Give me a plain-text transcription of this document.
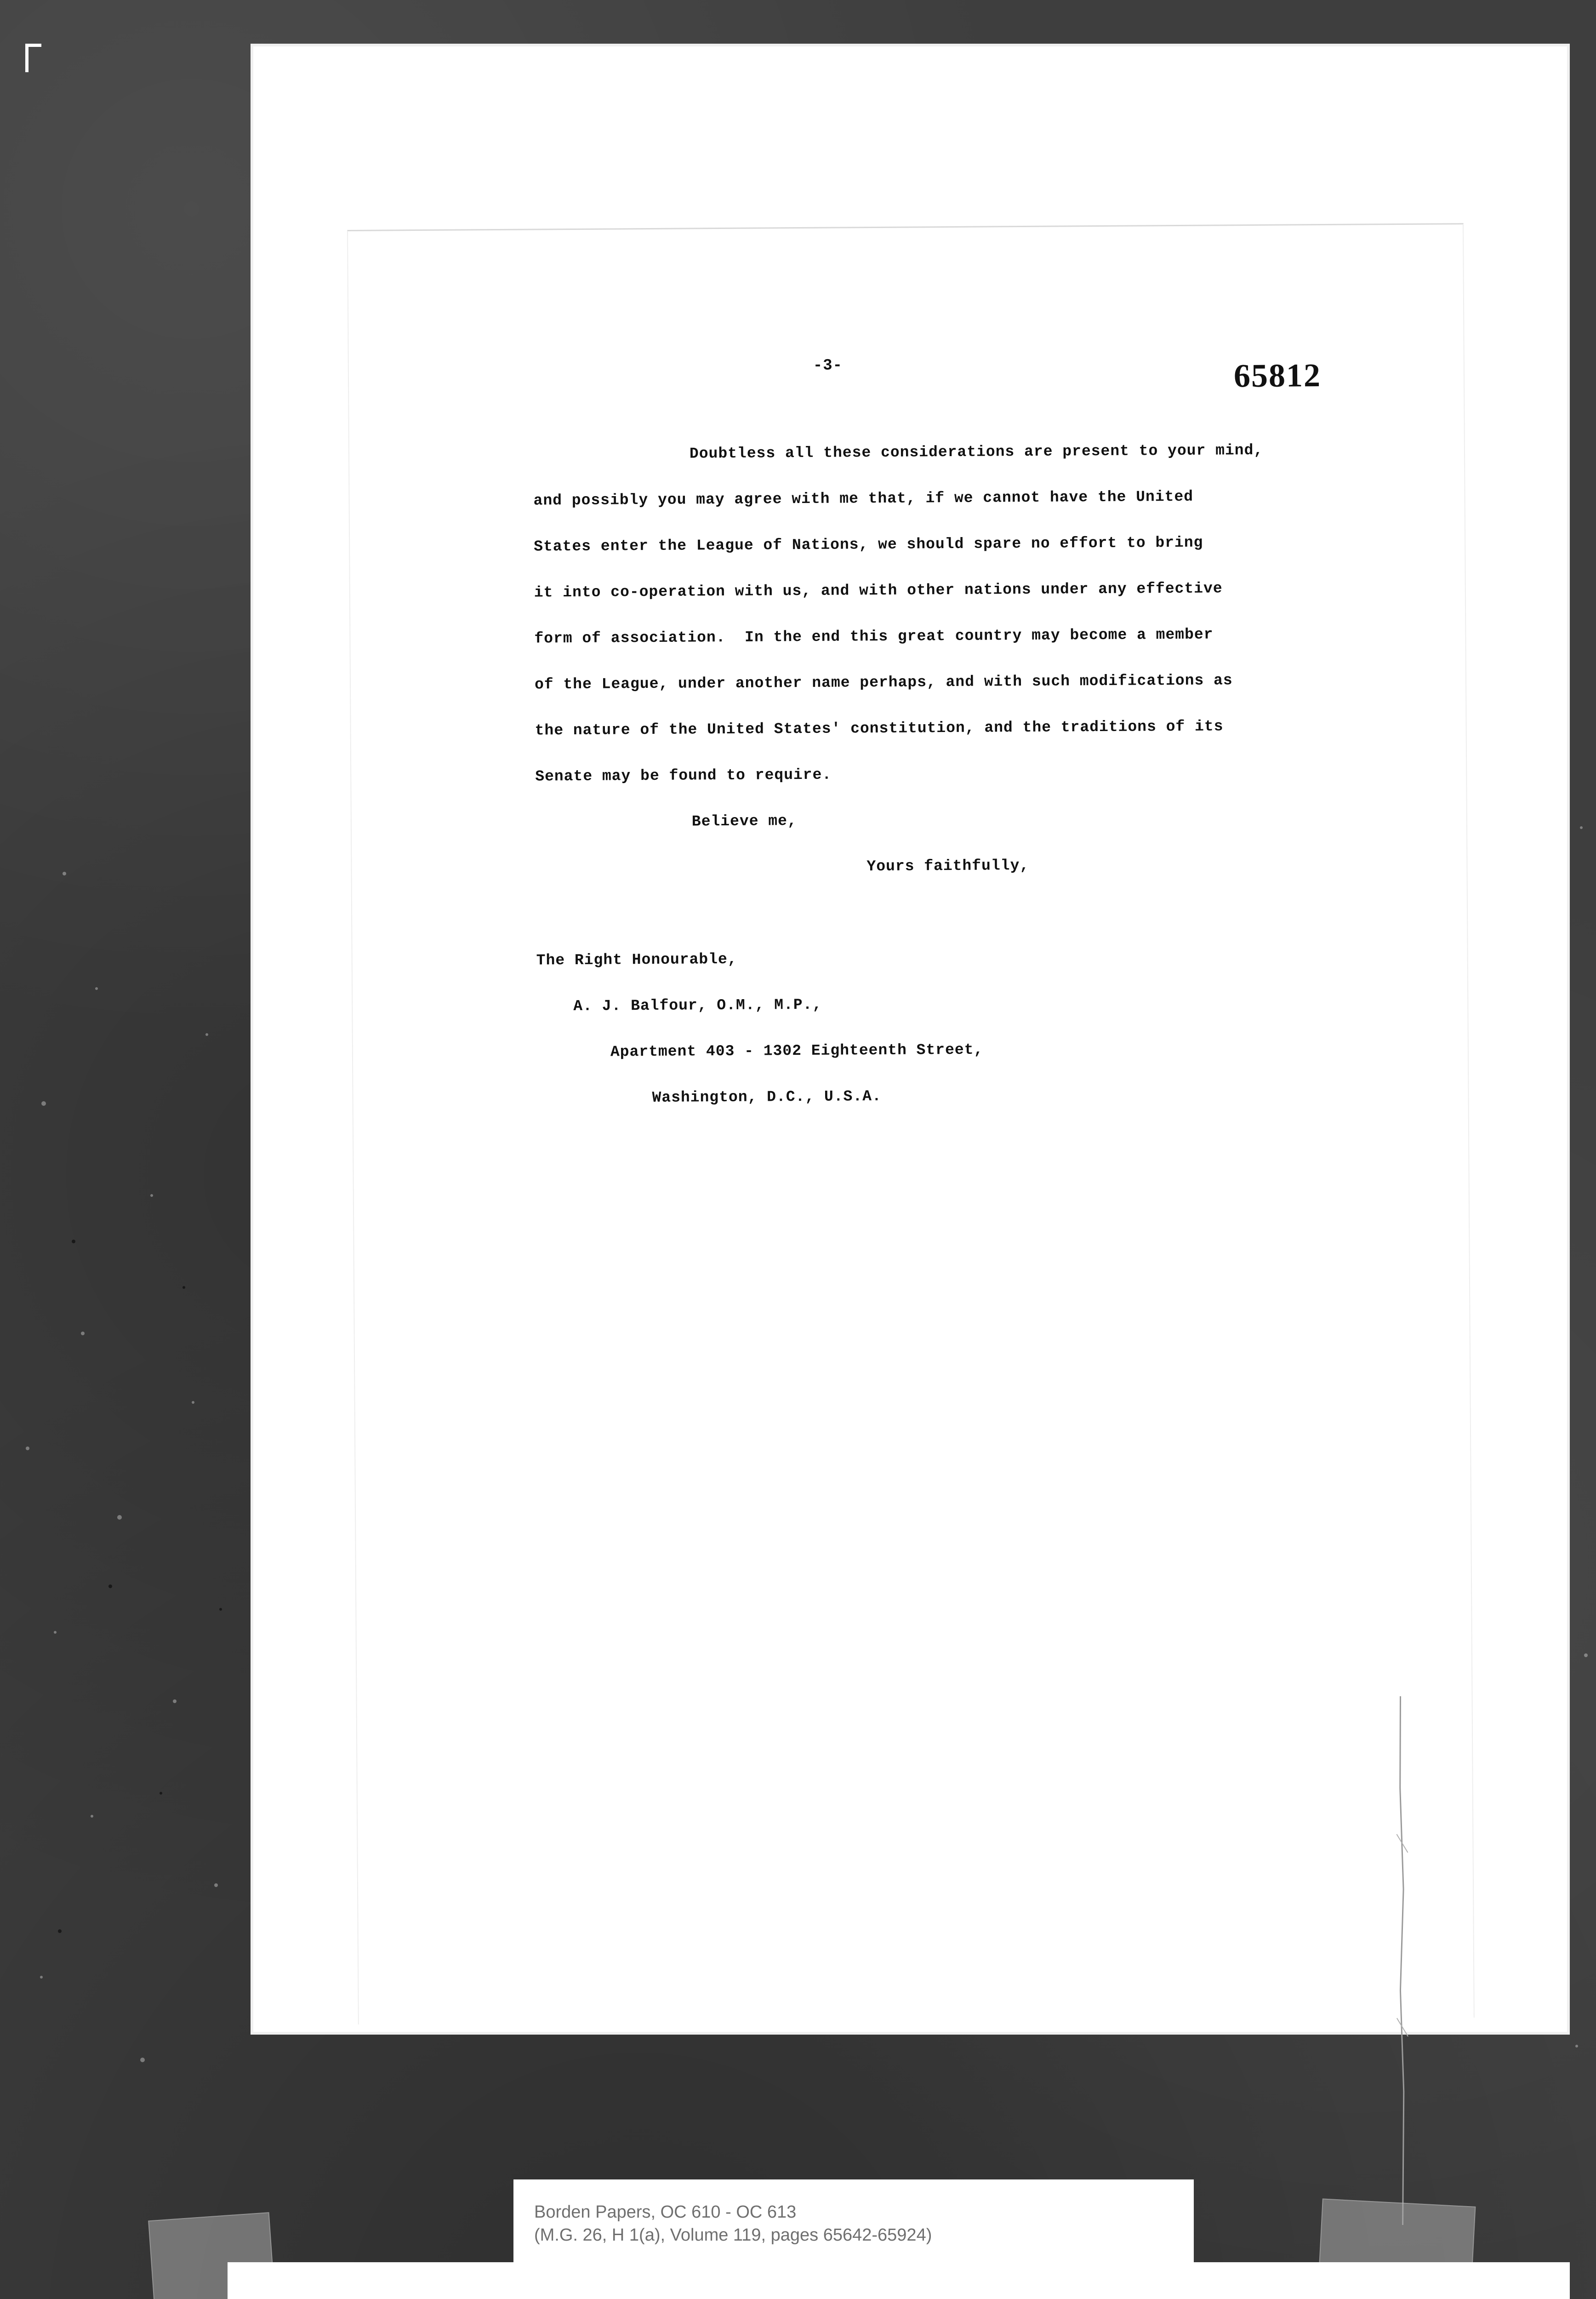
-3-	65812
Doubtless all these considerations are present to your mind,
and possibly you may agree with me that, if we cannot have the United
States enter the League of Nations, we should spare no effort to bring
it into co-operation with us, and with other nations under any effective
form of association.  In the end this great country may become a member
of the League, under another name perhaps, and with such modifications as
the nature of the United States' constitution, and the traditions of its
Senate may be found to require.
Believe me,
Yours faithfully,
The Right Honourable,
A. J. Balfour, O.M., M.P.,
Apartment 403 - 1302 Eighteenth Street,
Washington, D.C., U.S.A.
Borden Papers, OC 610 - OC 613
(M.G. 26, H 1(a), Volume 119, pages 65642-65924)
